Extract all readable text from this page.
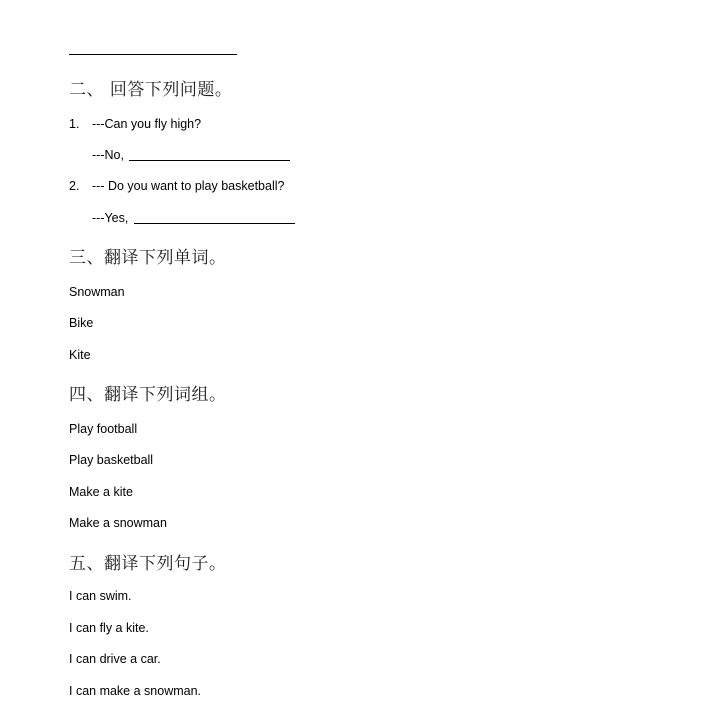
二、 回答下列问题。
1. ---Can you fly high?
---No,
2. --- Do you want to play basketball?
---Yes,
三、翻译下列单词。
Snowman
Bike
Kite
四、翻译下列词组。
Play football
Play basketball
Make a kite
Make a snowman
五、翻译下列句子。
I can swim.
I can fly a kite.
I can drive a car.
I can make a snowman.
